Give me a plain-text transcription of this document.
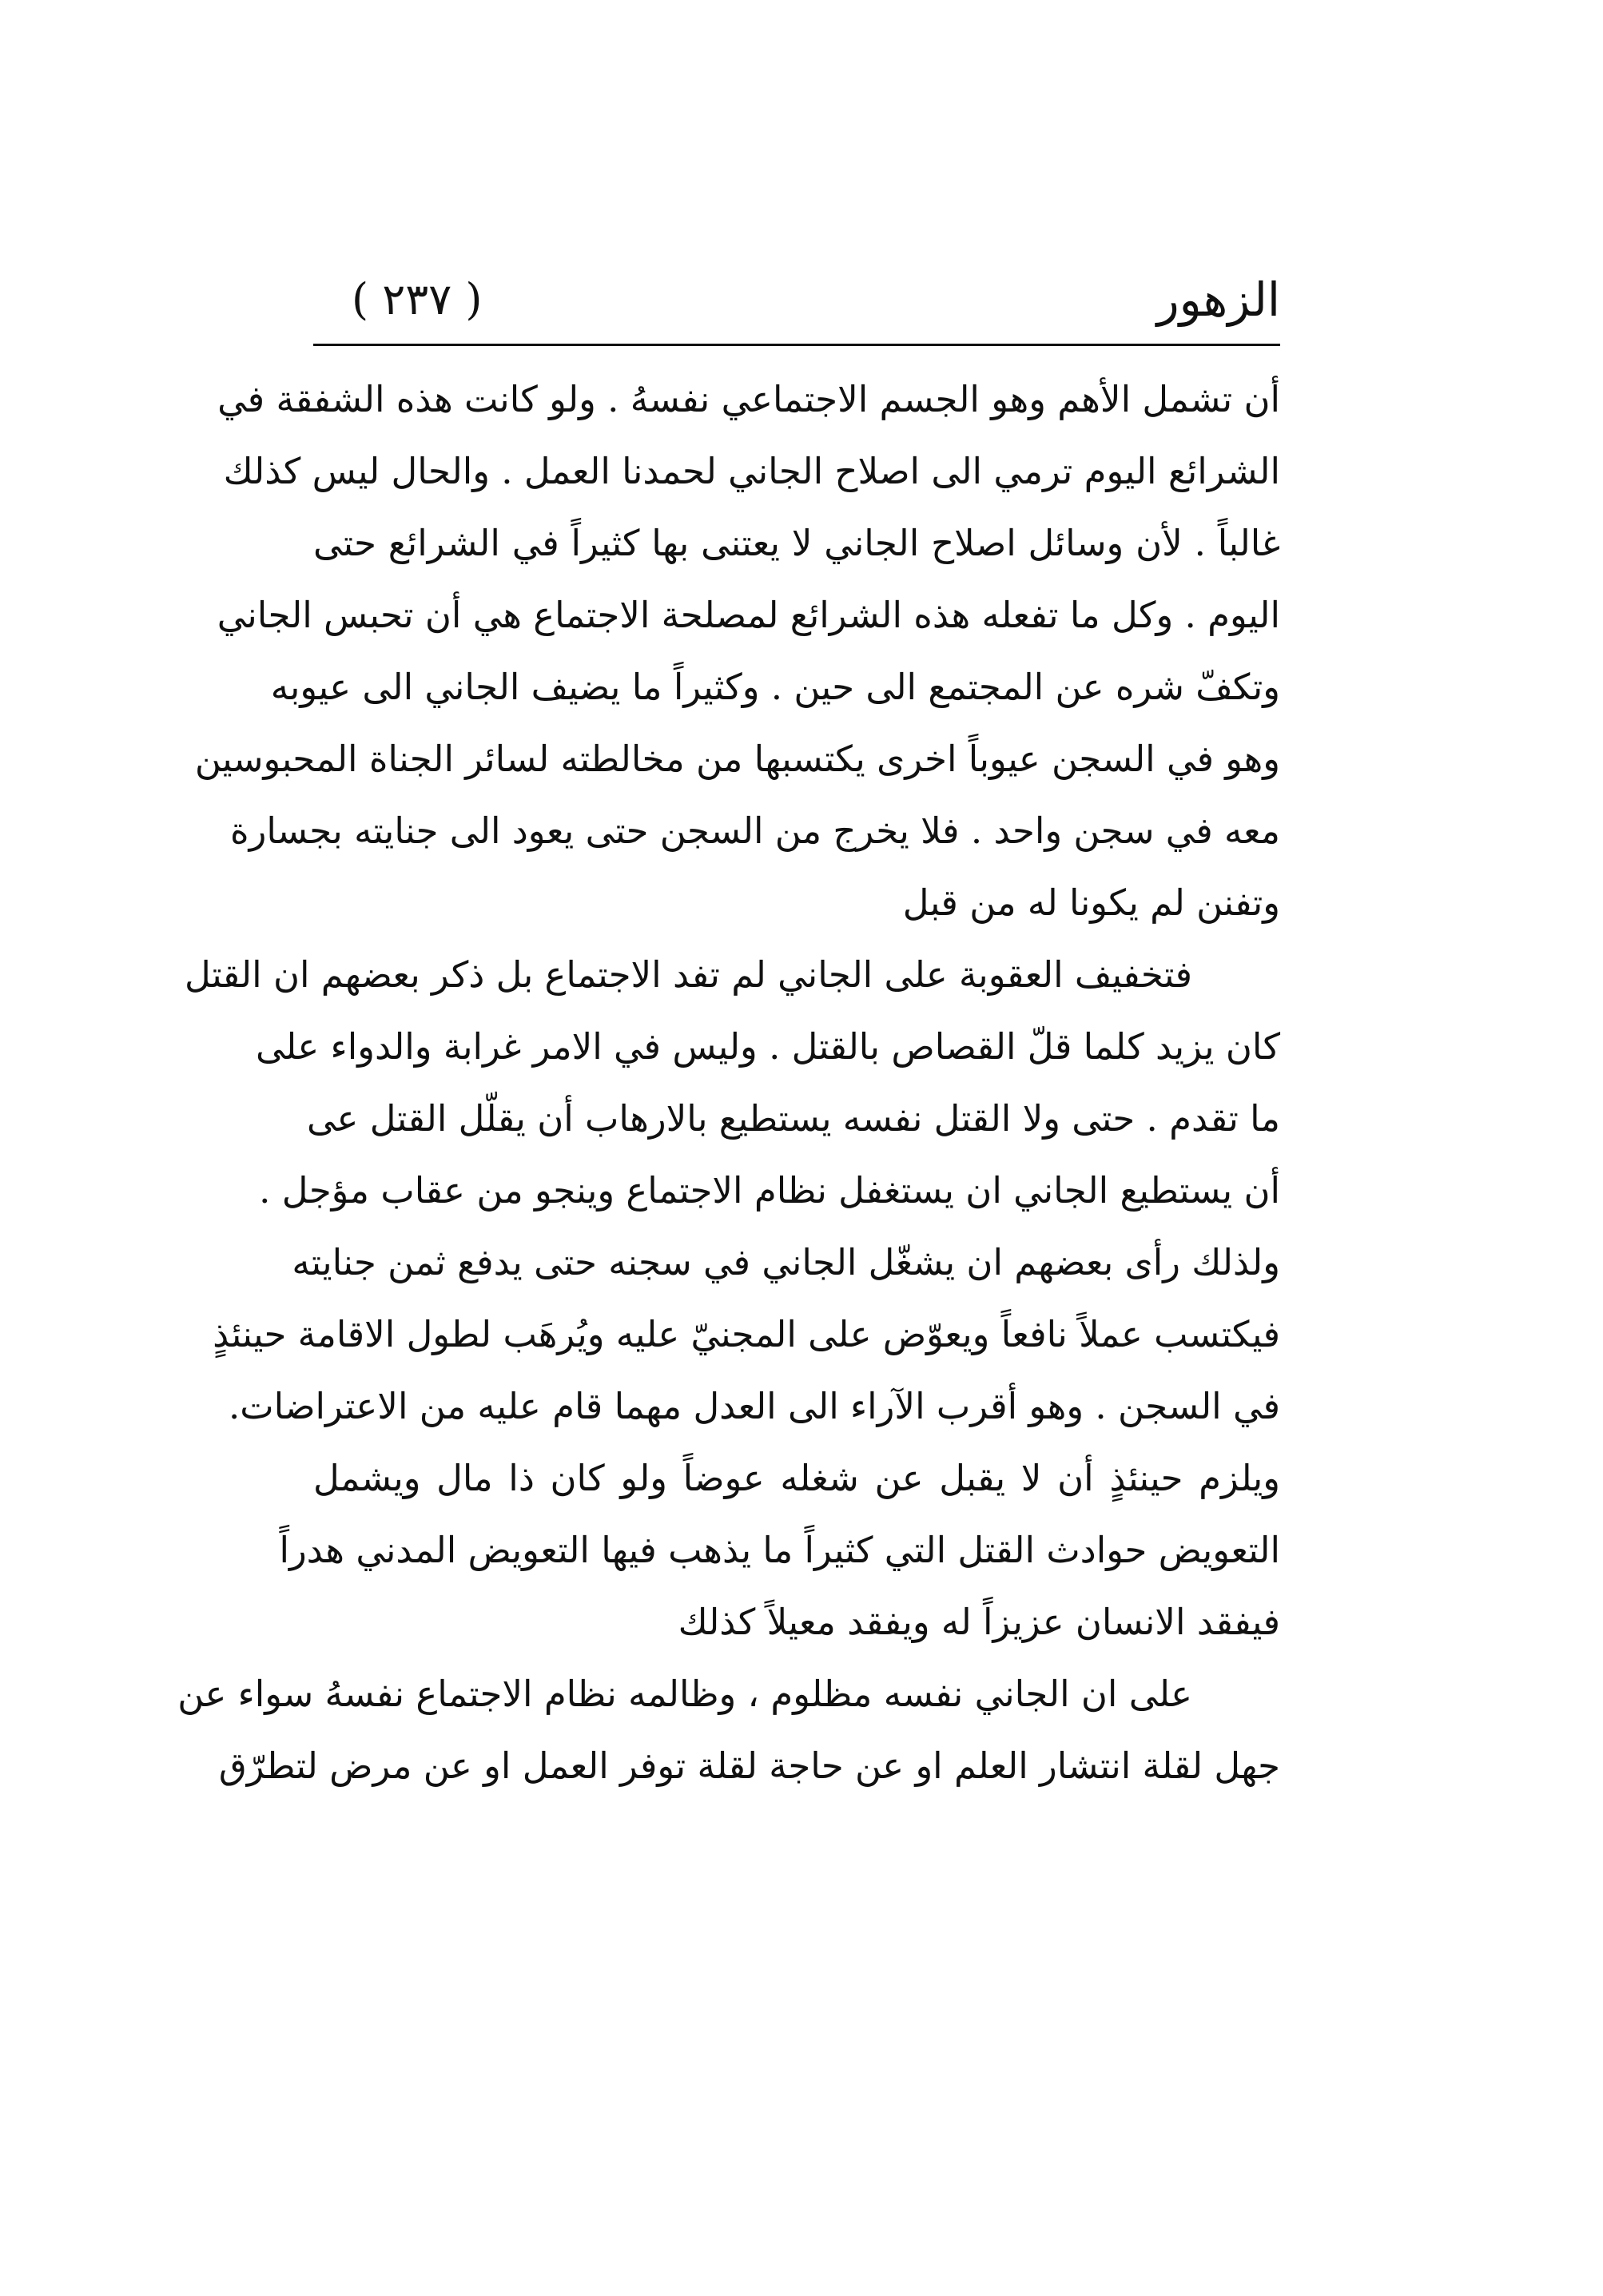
الزهور
( ٢٣٧ )
أن تشمل الأهم وهو الجسم الاجتماعي نفسهُ . ولو كانت هذه الشفقة في
الشرائع اليوم ترمي الى اصلاح الجاني لحمدنا العمل . والحال ليس كذلك
غالباً . لأن وسائل اصلاح الجاني لا يعتنى بها كثيراً في الشرائع حتى
اليوم . وكل ما تفعله هذه الشرائع لمصلحة الاجتماع هي أن تحبس الجاني
وتكفّ شره عن المجتمع الى حين . وكثيراً ما يضيف الجاني الى عيوبه
وهو في السجن عيوباً اخرى يكتسبها من مخالطته لسائر الجناة المحبوسين
معه في سجن واحد . فلا يخرج من السجن حتى يعود الى جنايته بجسارة
وتفنن لم يكونا له من قبل
فتخفيف العقوبة على الجاني لم تفد الاجتماع بل ذكر بعضهم ان القتل
كان يزيد كلما قلّ القصاص بالقتل . وليس في الامر غرابة والدواء على
ما تقدم . حتى ولا القتل نفسه يستطيع بالارهاب أن يقلّل القتل عى
أن يستطيع الجاني ان يستغفل نظام الاجتماع وينجو من عقاب مؤجل .
ولذلك رأى بعضهم ان يشغّل الجاني في سجنه حتى يدفع ثمن جنايته
فيكتسب عملاً نافعاً ويعوّض على المجنيّ عليه ويُرهَب لطول الاقامة حينئذٍ
في السجن . وهو أقرب الآراء الى العدل مهما قام عليه من الاعتراضات.
ويلزم حينئذٍ أن لا يقبل عن شغله عوضاً ولو كان ذا مال ويشمل
التعويض حوادث القتل التي كثيراً ما يذهب فيها التعويض المدني هدراً
فيفقد الانسان عزيزاً له ويفقد معيلاً كذلك
على ان الجاني نفسه مظلوم ، وظالمه نظام الاجتماع نفسهُ سواء عن
جهل لقلة انتشار العلم او عن حاجة لقلة توفر العمل او عن مرض لتطرّق
